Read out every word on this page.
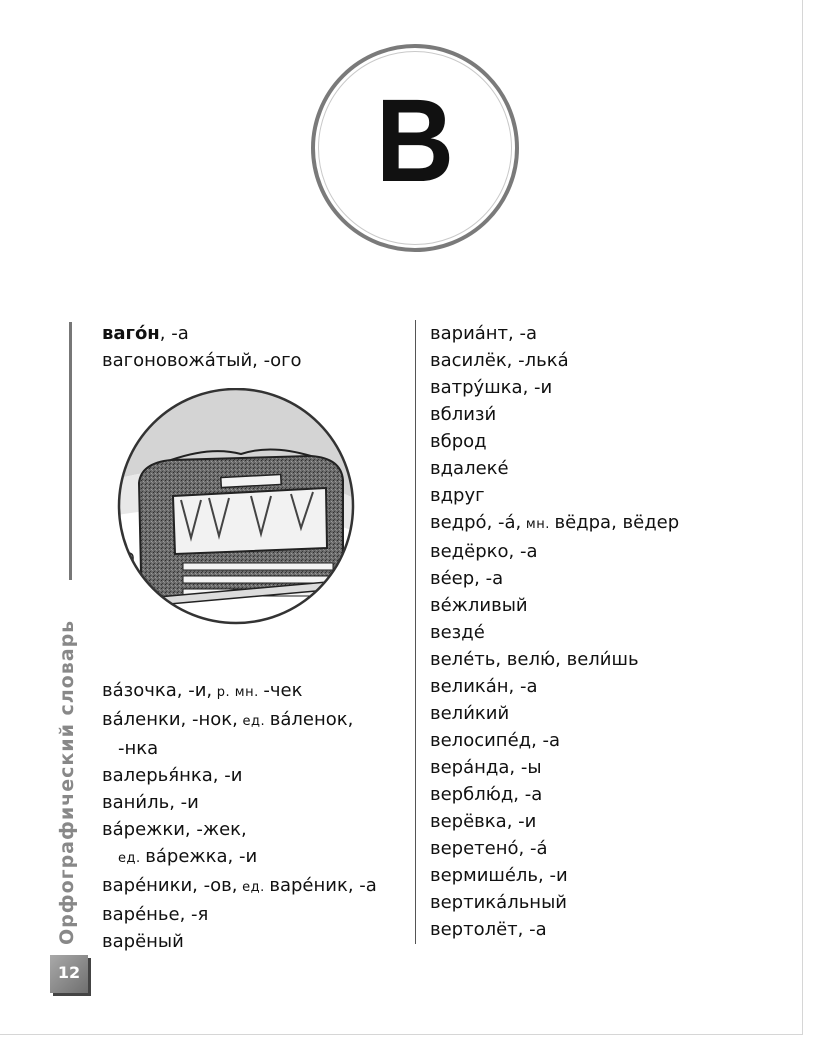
В
Орфографический словарь
12
ваго́н, -а
вагоновожа́тый, -ого
ва́зочка, -и, р. мн. -чек
ва́ленки, -нок, ед. ва́ленок,
-нка
валерья́нка, -и
вани́ль, -и
ва́режки, -жек,
ед. ва́режка, -и
варе́ники, -ов, ед. варе́ник, -а
варе́нье, -я
варёный
вариа́нт, -а
василёк, -лька́
ватру́шка, -и
вблизи́
вброд
вдалеке́
вдруг
ведро́, -а́, мн. вёдра, вёдер
ведёрко, -а
ве́ер, -а
ве́жливый
везде́
веле́ть, велю́, вели́шь
велика́н, -а
вели́кий
велосипе́д, -а
вера́нда, -ы
верблю́д, -а
верёвка, -и
веретено́, -а́
вермише́ль, -и
вертика́льный
вертолёт, -а
